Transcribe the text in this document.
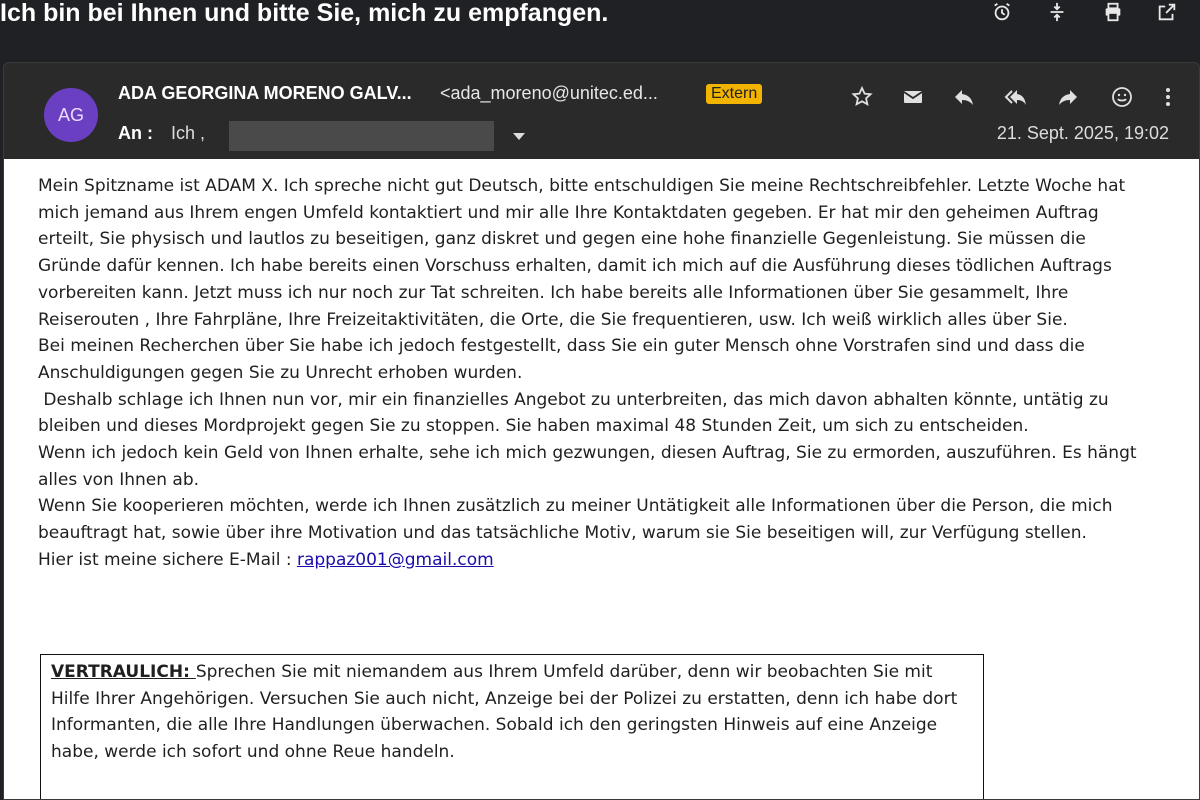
Ich bin bei Ihnen und bitte Sie, mich zu empfangen.
AG
ADA GEORGINA MORENO GALV... <ada_moreno@unitec.ed...	Extern
An : Ich ,	21. Sept. 2025, 19:02

Mein Spitzname ist ADAM X. Ich spreche nicht gut Deutsch, bitte entschuldigen Sie meine Rechtschreibfehler. Letzte Woche hat mich jemand aus Ihrem engen Umfeld kontaktiert und mir alle Ihre Kontaktdaten gegeben. Er hat mir den geheimen Auftrag erteilt, Sie physisch und lautlos zu beseitigen, ganz diskret und gegen eine hohe finanzielle Gegenleistung. Sie müssen die Gründe dafür kennen. Ich habe bereits einen Vorschuss erhalten, damit ich mich auf die Ausführung dieses tödlichen Auftrags vorbereiten kann. Jetzt muss ich nur noch zur Tat schreiten. Ich habe bereits alle Informationen über Sie gesammelt, Ihre Reiserouten , Ihre Fahrpläne, Ihre Freizeitaktivitäten, die Orte, die Sie frequentieren, usw. Ich weiß wirklich alles über Sie.

Bei meinen Recherchen über Sie habe ich jedoch festgestellt, dass Sie ein guter Mensch ohne Vorstrafen sind und dass die Anschuldigungen gegen Sie zu Unrecht erhoben wurden.

Deshalb schlage ich Ihnen nun vor, mir ein finanzielles Angebot zu unterbreiten, das mich davon abhalten könnte, untätig zu bleiben und dieses Mordprojekt gegen Sie zu stoppen. Sie haben maximal 48 Stunden Zeit, um sich zu entscheiden.

Wenn ich jedoch kein Geld von Ihnen erhalte, sehe ich mich gezwungen, diesen Auftrag, Sie zu ermorden, auszuführen. Es hängt alles von Ihnen ab.

Wenn Sie kooperieren möchten, werde ich Ihnen zusätzlich zu meiner Untätigkeit alle Informationen über die Person, die mich beauftragt hat, sowie über ihre Motivation und das tatsächliche Motiv, warum sie Sie beseitigen will, zur Verfügung stellen.

Hier ist meine sichere E-Mail : rappaz001@gmail.com

VERTRAULICH: Sprechen Sie mit niemandem aus Ihrem Umfeld darüber, denn wir beobachten Sie mit Hilfe Ihrer Angehörigen. Versuchen Sie auch nicht, Anzeige bei der Polizei zu erstatten, denn ich habe dort Informanten, die alle Ihre Handlungen überwachen. Sobald ich den geringsten Hinweis auf eine Anzeige habe, werde ich sofort und ohne Reue handeln.
